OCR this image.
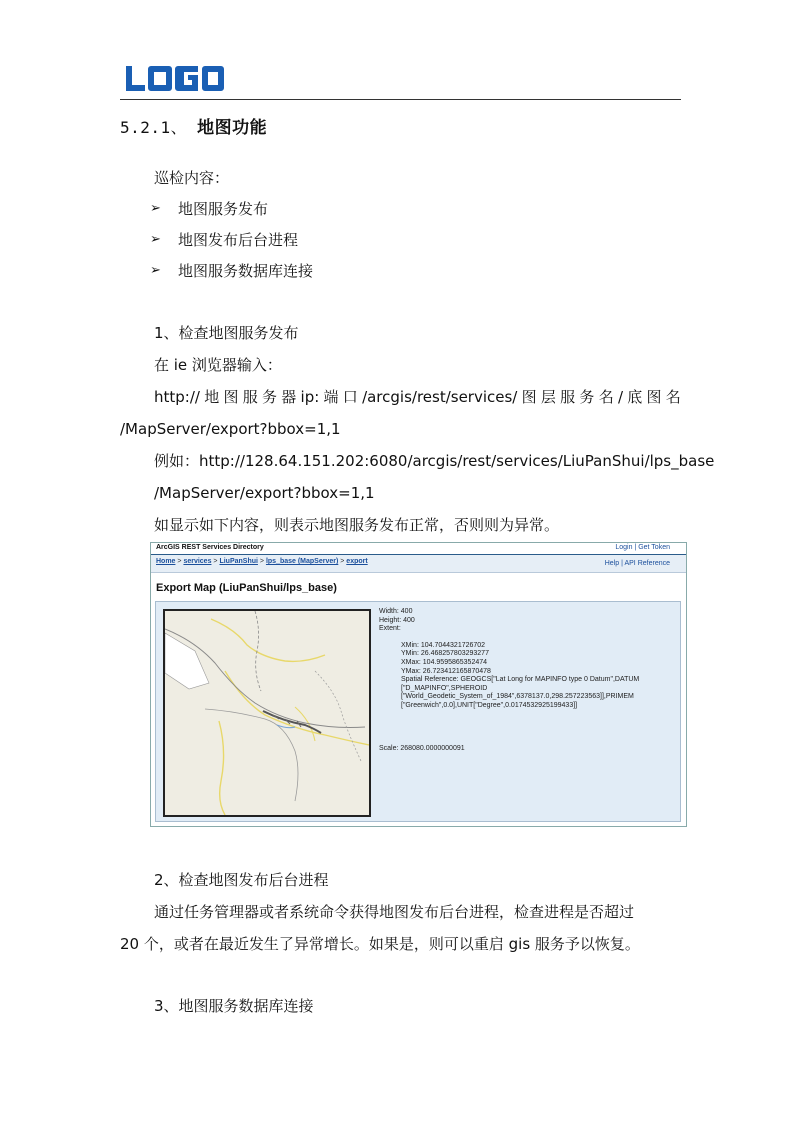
5.2.1、 地图功能
巡检内容：
➢ 地图服务发布
➢ 地图发布后台进程
➢ 地图服务数据库连接
1、检查地图服务发布
在 ie 浏览器输入：
http:// 地 图 服 务 器 ip: 端 口 /arcgis/rest/services/ 图 层 服 务 名 / 底 图 名
/MapServer/export?bbox=1,1
例如：http://128.64.151.202:6080/arcgis/rest/services/LiuPanShui/lps_base
/MapServer/export?bbox=1,1
如显示如下内容，则表示地图服务发布正常，否则则为异常。
ArcGIS REST Services Directory	Login | Get Token
Home > services > LiuPanShui > lps_base (MapServer) > export	Help | API Reference
Export Map (LiuPanShui/lps_base)
Width: 400
Height: 400
Extent:
XMin: 104.7044321726702
YMin: 26.468257803293277
XMax: 104.9595865352474
YMax: 26.723412165870478
Spatial Reference: GEOGCS["Lat Long for MAPINFO type 0 Datum",DATUM
["D_MAPINFO",SPHEROID
["World_Geodetic_System_of_1984",6378137.0,298.257223563]],PRIMEM
["Greenwich",0.0],UNIT["Degree",0.0174532925199433]]
Scale: 268080.0000000091
2、检查地图发布后台进程
通过任务管理器或者系统命令获得地图发布后台进程，检查进程是否超过
20 个，或者在最近发生了异常增长。如果是，则可以重启 gis 服务予以恢复。
3、地图服务数据库连接
